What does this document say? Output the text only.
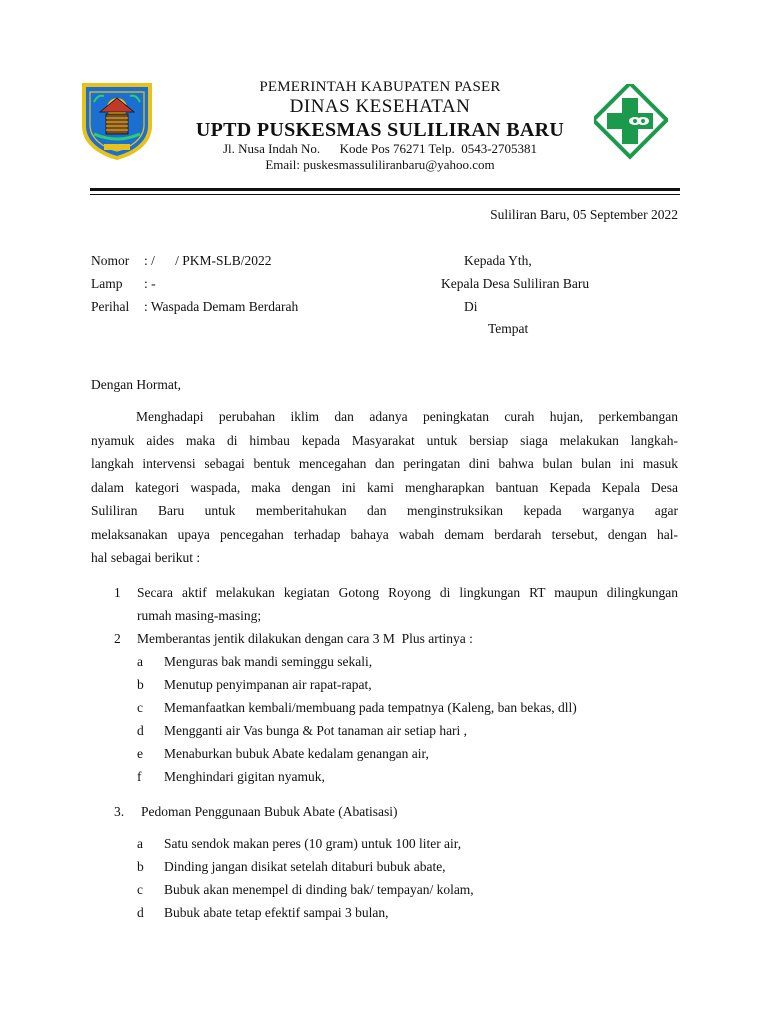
PEMERINTAH KABUPATEN PASER
DINAS KESEHATAN
UPTD PUSKESMAS SULILIRAN BARU
Jl. Nusa Indah No.      Kode Pos 76271 Telp.  0543-2705381
Email: puskesmassuliliranbaru@yahoo.com
Suliliran Baru, 05 September 2022
Nomor : /      / PKM-SLB/2022
Lamp : -
Perihal : Waspada Demam Berdarah
Kepada Yth,
Kepala Desa Suliliran Baru
Di
Tempat
Dengan Hormat,
Menghadapi perubahan iklim dan adanya peningkatan curah hujan, perkembangan
nyamuk aides maka di himbau kepada Masyarakat untuk bersiap siaga melakukan langkah-
langkah intervensi sebagai bentuk mencegahan dan peringatan dini bahwa bulan bulan ini masuk
dalam kategori waspada, maka dengan ini kami mengharapkan bantuan Kepada Kepala Desa
Suliliran Baru untuk memberitahukan dan menginstruksikan kepada warganya agar
melaksanakan upaya pencegahan terhadap bahaya wabah demam berdarah tersebut, dengan hal-
hal sebagai berikut :
1 Secara aktif melakukan kegiatan Gotong Royong di lingkungan RT maupun dilingkungan
rumah masing-masing;
2 Memberantas jentik dilakukan dengan cara 3 M  Plus artinya :
a Menguras bak mandi seminggu sekali,
b Menutup penyimpanan air rapat-rapat,
c Memanfaatkan kembali/membuang pada tempatnya (Kaleng, ban bekas, dll)
d Mengganti air Vas bunga & Pot tanaman air setiap hari ,
e Menaburkan bubuk Abate kedalam genangan air,
f Menghindari gigitan nyamuk,
3. Pedoman Penggunaan Bubuk Abate (Abatisasi)
a Satu sendok makan peres (10 gram) untuk 100 liter air,
b Dinding jangan disikat setelah ditaburi bubuk abate,
c Bubuk akan menempel di dinding bak/ tempayan/ kolam,
d Bubuk abate tetap efektif sampai 3 bulan,
